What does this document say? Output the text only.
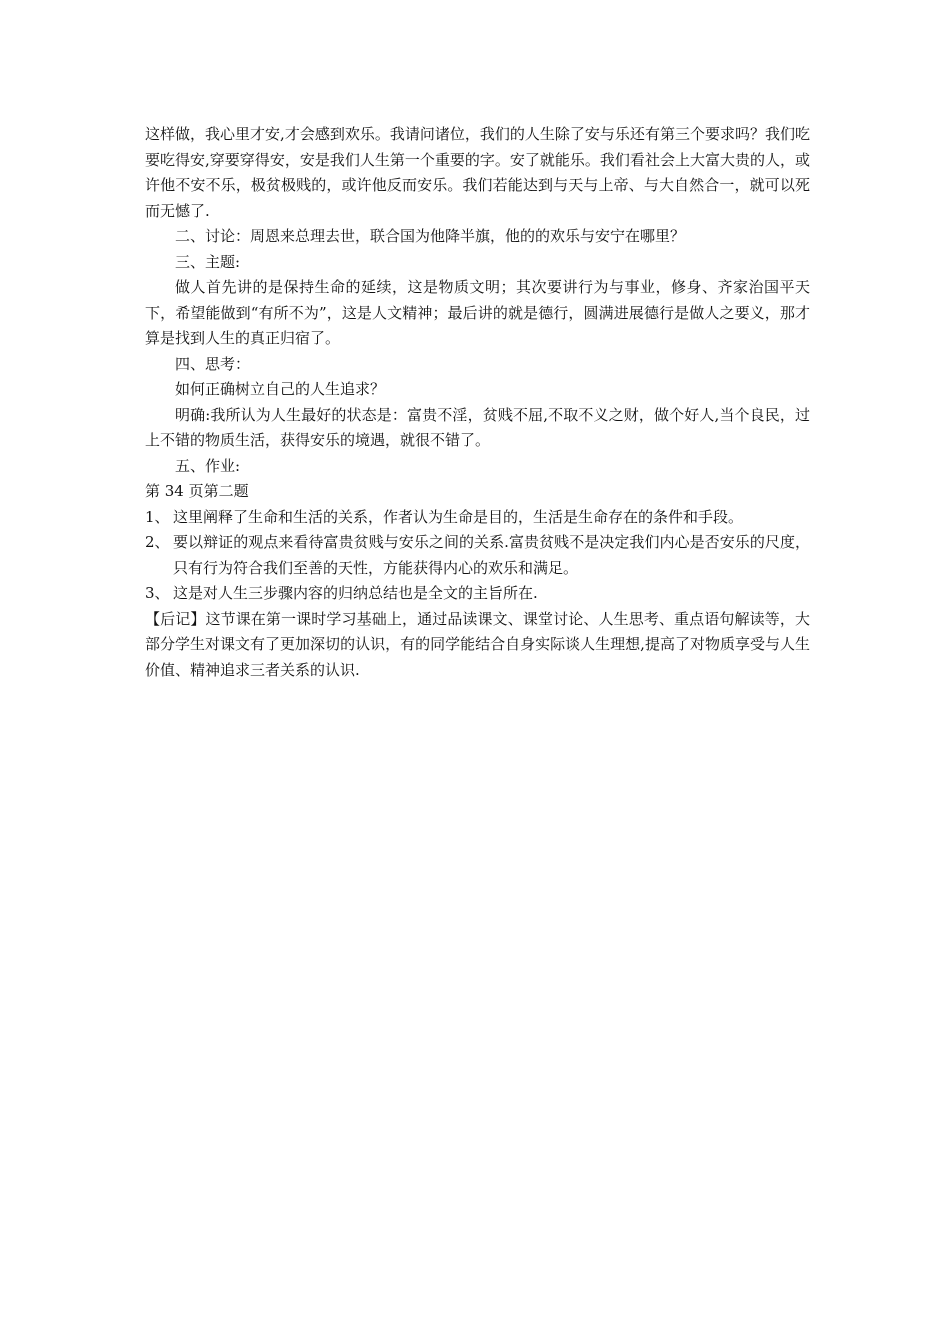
这样做，我心里才安,才会感到欢乐。我请问诸位，我们的人生除了安与乐还有第三个要求吗？我们吃要吃得安,穿要穿得安，安是我们人生第一个重要的字。安了就能乐。我们看社会上大富大贵的人，或许他不安不乐，极贫极贱的，或许他反而安乐。我们若能达到与天与上帝、与大自然合一，就可以死而无憾了.

二、讨论：周恩来总理去世，联合国为他降半旗，他的的欢乐与安宁在哪里？

三、主题:

做人首先讲的是保持生命的延续，这是物质文明；其次要讲行为与事业，修身、齐家治国平天下，希望能做到“有所不为”，这是人文精神；最后讲的就是德行，圆满进展德行是做人之要义，那才算是找到人生的真正归宿了。

四、思考：

如何正确树立自己的人生追求？

明确:我所认为人生最好的状态是：富贵不淫，贫贱不屈,不取不义之财，做个好人,当个良民，过上不错的物质生活，获得安乐的境遇，就很不错了。

五、作业:

第 34 页第二题

1、 这里阐释了生命和生活的关系，作者认为生命是目的，生活是生命存在的条件和手段。
2、 要以辩证的观点来看待富贵贫贱与安乐之间的关系.富贵贫贱不是决定我们内心是否安乐的尺度，只有行为符合我们至善的天性，方能获得内心的欢乐和满足。
3、 这是对人生三步骤内容的归纳总结也是全文的主旨所在.

【后记】这节课在第一课时学习基础上，通过品读课文、课堂讨论、人生思考、重点语句解读等，大部分学生对课文有了更加深切的认识，有的同学能结合自身实际谈人生理想,提高了对物质享受与人生价值、精神追求三者关系的认识.
